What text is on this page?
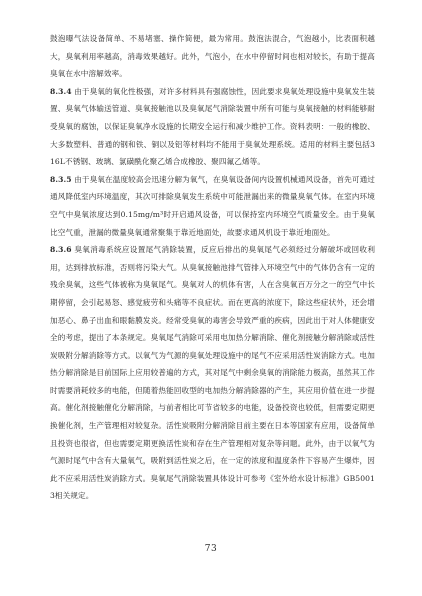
鼓泡曝气法设备简单、不易堵塞、操作简便，最为常用。鼓泡法混合，气泡越小，比表面积越大，臭氧利用率越高，消毒效果越好。此外，气泡小，在水中停留时间也相对较长，有助于提高臭氧在水中溶解效率。

8.3.4 由于臭氧的氧化性极强，对许多材料具有强腐蚀性，因此要求臭氧处理设施中臭氧发生装置、臭氧气体输送管道、臭氧接触池以及臭氧尾气消除装置中所有可能与臭氧接触的材料能够耐受臭氧的腐蚀，以保证臭氧净水设施的长期安全运行和减少维护工作。资料表明：一般的橡胶、大多数塑料、普通的钢和铁、铜以及铝等材料均不能用于臭氧处理系统。适用的材料主要包括316L不锈钢、玻璃、氯磺酰化聚乙烯合成橡胶、聚四氟乙烯等。

8.3.5 由于臭氧在温度较高会迅速分解为氧气，在臭氧设备间内设置机械通风设备，首先可通过通风降低室内环境温度，其次可排除臭氧发生系统中可能泄漏出来的微量臭氧气体。在室内环境空气中臭氧浓度达到0.15mg/m³时开启通风设备，可以保持室内环境空气质量安全。由于臭氧比空气重，泄漏的微量臭氧通常聚集于靠近地面处，故要求通风机设于靠近地面处。

8.3.6 臭氧消毒系统应设置尾气消除装置，反应后排出的臭氧尾气必须经过分解破坏或回收利用，达到排放标准，否则将污染大气。从臭氧接触池排气管排入环境空气中的气体仍含有一定的残余臭氧，这些气体被称为臭氧尾气。臭氧对人的机体有害，人在含臭氧百万分之一的空气中长期停留，会引起易怒、感觉疲劳和头痛等不良症状。而在更高的浓度下，除这些症状外，还会增加恶心、鼻子出血和眼黏膜发炎。经常受臭氧的毒害会导致严重的疾病，因此出于对人体健康安全的考虑，提出了本条规定。臭氧尾气消除可采用电加热分解消除、催化剂接触分解消除或活性炭吸附分解消除等方式。以氧气为气源的臭氧处理设施中的尾气不应采用活性炭消除方式。电加热分解消除是目前国际上应用较普遍的方式，其对尾气中剩余臭氧的消除能力极高，虽然其工作时需要消耗较多的电能，但随着热能回收型的电加热分解消除器的产生，其应用价值在进一步提高。催化剂接触催化分解消除，与前者相比可节省较多的电能，设备投资也较低，但需要定期更换催化剂，生产管理相对较复杂。活性炭吸附分解消除目前主要在日本等国家有应用，设备简单且投资也很省，但也需要定期更换活性炭和存在生产管理相对复杂等问题。此外，由于以氧气为气源时尾气中含有大量氧气，吸附到活性炭之后，在一定的浓度和温度条件下容易产生爆炸，因此不应采用活性炭消除方式。臭氧尾气消除装置具体设计可参考《室外给水设计标准》GB50013相关规定。

73
